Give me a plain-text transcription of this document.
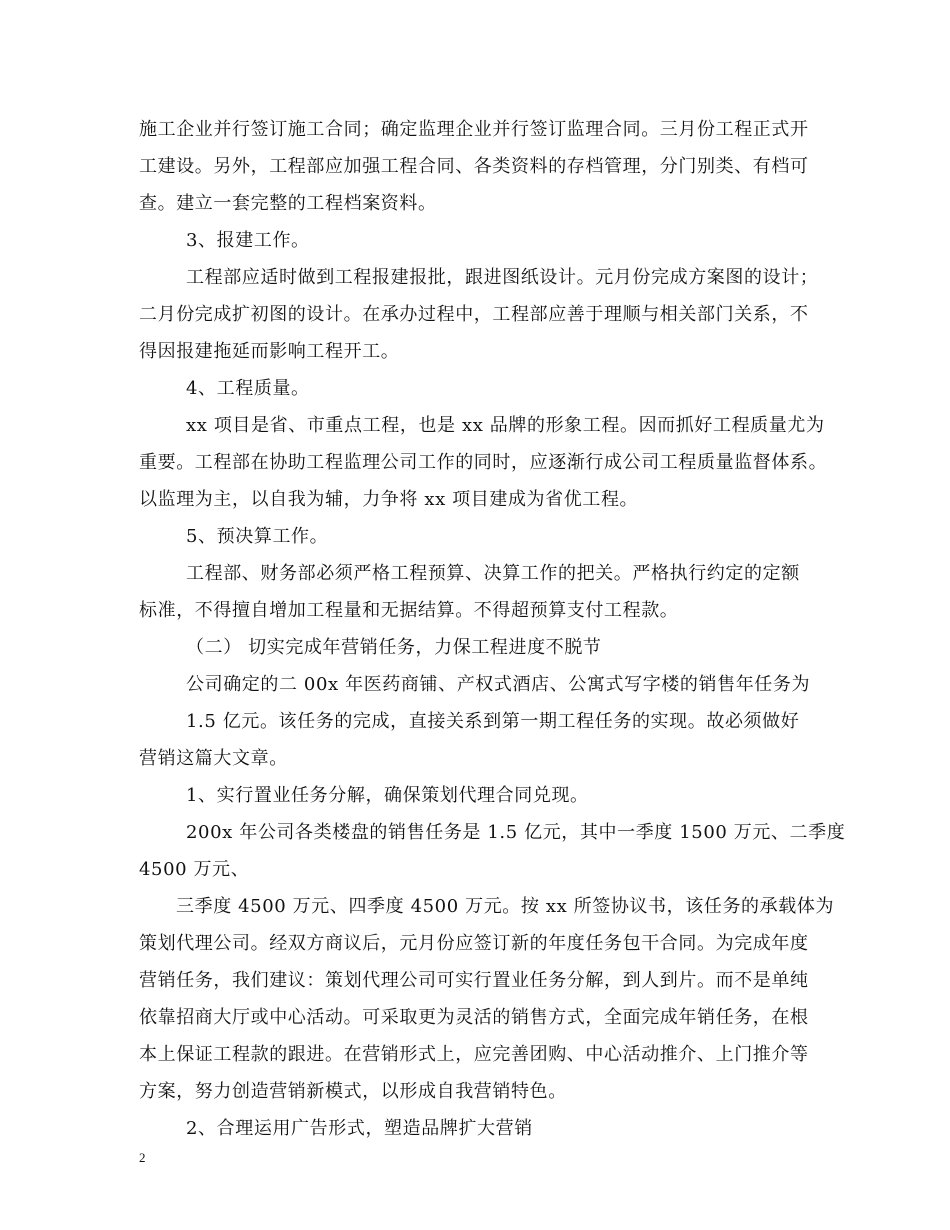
施工企业并行签订施工合同；确定监理企业并行签订监理合同。三月份工程正式开
工建设。另外，工程部应加强工程合同、各类资料的存档管理，分门别类、有档可
查。建立一套完整的工程档案资料。
3、报建工作。
工程部应适时做到工程报建报批，跟进图纸设计。元月份完成方案图的设计；
二月份完成扩初图的设计。在承办过程中，工程部应善于理顺与相关部门关系，不
得因报建拖延而影响工程开工。
4、工程质量。
xx 项目是省、市重点工程，也是 xx 品牌的形象工程。因而抓好工程质量尤为
重要。工程部在协助工程监理公司工作的同时，应逐渐行成公司工程质量监督体系。
以监理为主，以自我为辅，力争将 xx 项目建成为省优工程。
5、预决算工作。
工程部、财务部必须严格工程预算、决算工作的把关。严格执行约定的定额
标准，不得擅自增加工程量和无据结算。不得超预算支付工程款。
（二） 切实完成年营销任务，力保工程进度不脱节
公司确定的二 00x 年医药商铺、产权式酒店、公寓式写字楼的销售年任务为
1.5 亿元。该任务的完成，直接关系到第一期工程任务的实现。故必须做好
营销这篇大文章。
1、实行置业任务分解，确保策划代理合同兑现。
200x 年公司各类楼盘的销售任务是 1.5 亿元，其中一季度 1500 万元、二季度
4500 万元、
三季度 4500 万元、四季度 4500 万元。按 xx 所签协议书，该任务的承载体为
策划代理公司。经双方商议后，元月份应签订新的年度任务包干合同。为完成年度
营销任务，我们建议：策划代理公司可实行置业任务分解，到人到片。而不是单纯
依靠招商大厅或中心活动。可采取更为灵活的销售方式，全面完成年销任务，在根
本上保证工程款的跟进。在营销形式上，应完善团购、中心活动推介、上门推介等
方案，努力创造营销新模式，以形成自我营销特色。
2、合理运用广告形式，塑造品牌扩大营销
2
